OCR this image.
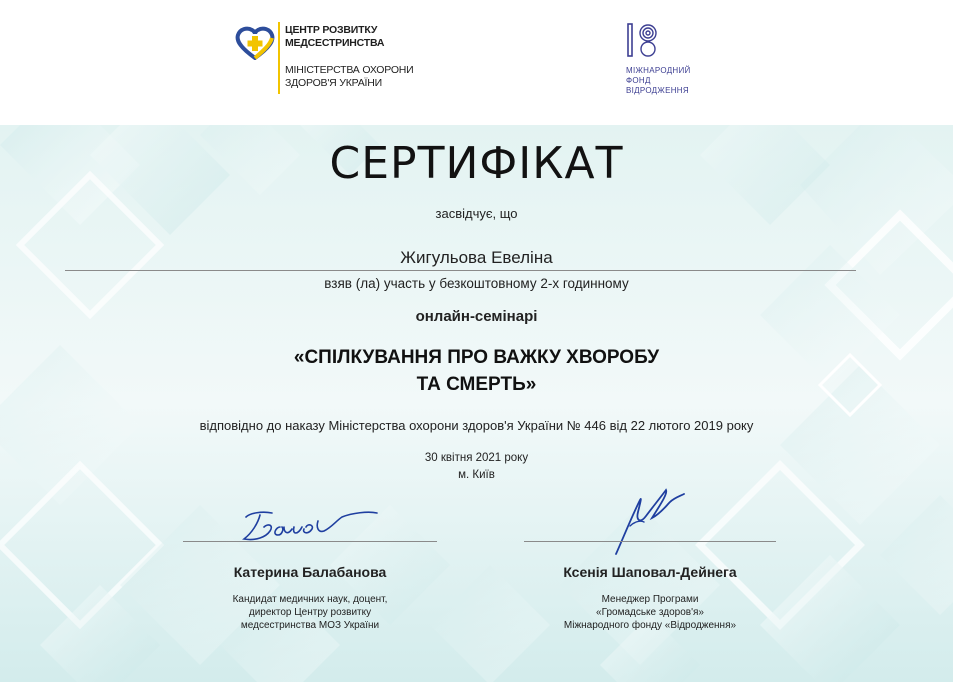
ЦЕНТР РОЗВИТКУ
МЕДСЕСТРИНСТВА
МІНІСТЕРСТВА ОХОРОНИ
ЗДОРОВ'Я УКРАЇНИ
МІЖНАРОДНИЙ
ФОНД
ВІДРОДЖЕННЯ
СЕРТИФІКАТ
засвідчує, що
Жигульова Евеліна
взяв (ла) участь у безкоштовному 2-х годинному
онлайн-семінарі
«СПІЛКУВАННЯ ПРО ВАЖКУ ХВОРОБУ
ТА СМЕРТЬ»
відповідно до наказу Міністерства охорони здоров'я України № 446 від 22 лютого 2019 року
30 квітня 2021 року
м. Київ
Катерина Балабанова
Кандидат медичних наук, доцент,
директор Центру розвитку
медсестринства МОЗ України
Ксенія Шаповал-Дейнега
Менеджер Програми
«Громадське здоров'я»
Міжнародного фонду «Відродження»
